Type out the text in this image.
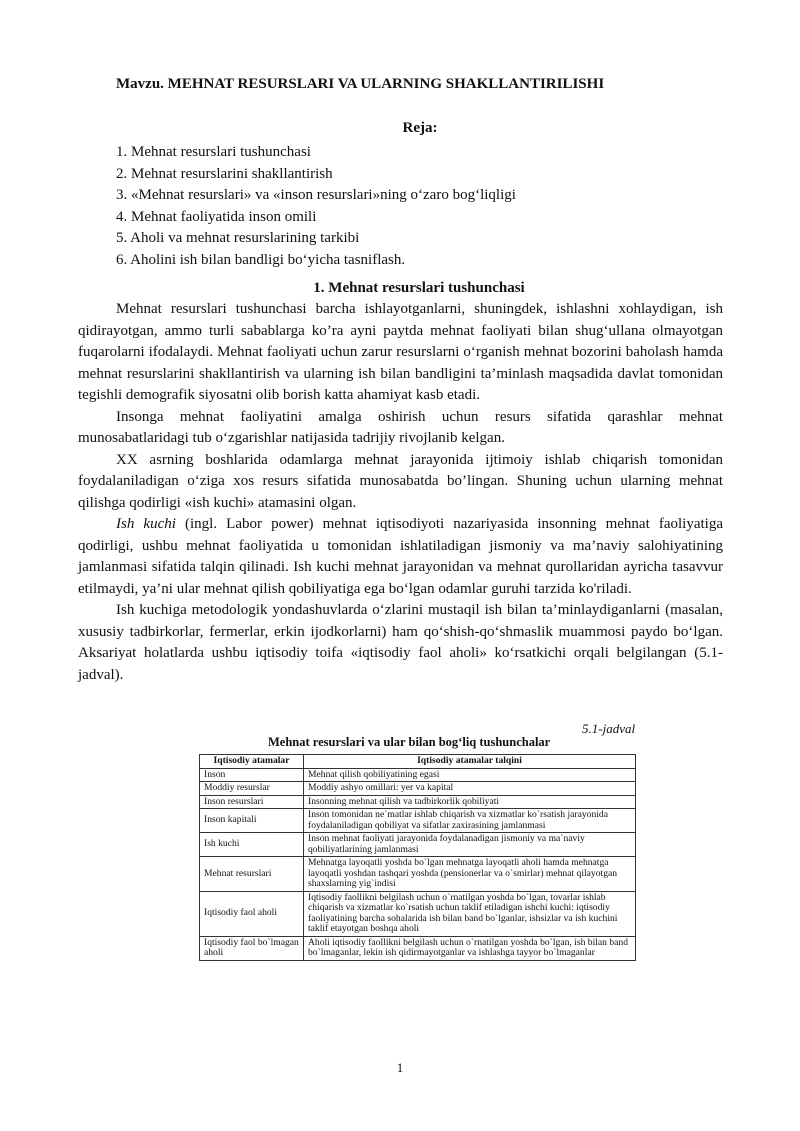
Mavzu. MEHNAT RESURSLARI VA ULARNING SHAKLLANTIRILISHI
Reja:
1. Mehnat resurslari tushunchasi
2. Mehnat resurslarini shakllantirish
3. «Mehnat resurslari» va «inson resurslari»ning o‘zaro bog‘liqligi
4. Mehnat faoliyatida inson omili
5. Aholi va mehnat resurslarining tarkibi
6. Aholini ish bilan bandligi bo‘yicha tasniflash.
1. Mehnat resurslari tushunchasi

Mehnat resurslari tushunchasi barcha ishlayotganlarni, shuningdek, ishlashni xohlaydigan, ish qidirayotgan, ammo turli sabablarga ko’ra ayni paytda mehnat faoliyati bilan shug‘ullana olmayotgan fuqarolarni ifodalaydi. Mehnat faoliyati uchun zarur resurslarni o‘rganish mehnat bozorini baholash hamda mehnat resurslarini shakllantirish va ularning ish bilan bandligini ta’minlash maqsadida davlat tomonidan tegishli demografik siyosatni olib borish katta ahamiyat kasb etadi.

Insonga mehnat faoliyatini amalga oshirish uchun resurs sifatida qarashlar mehnat munosabatlaridagi tub o‘zgarishlar natijasida tadrijiy rivojlanib kelgan.

XX asrning boshlarida odamlarga mehnat jarayonida ijtimoiy ishlab chiqarish tomonidan foydalaniladigan o‘ziga xos resurs sifatida munosabatda bo’lingan. Shuning uchun ularning mehnat qilishga qodirligi «ish kuchi» atamasini olgan.

Ish kuchi (ingl. Labor power) mehnat iqtisodiyoti nazariyasida insonning mehnat faoliyatiga qodirligi, ushbu mehnat faoliyatida u tomonidan ishlatiladigan jismoniy va ma’naviy salohiyatining jamlanmasi sifatida talqin qilinadi. Ish kuchi mehnat jarayonidan va mehnat qurollaridan ayricha tasavvur etilmaydi, ya’ni ular mehnat qilish qobiliyatiga ega bo‘lgan odamlar guruhi tarzida ko'riladi.

Ish kuchiga metodologik yondashuvlarda o‘zlarini mustaqil ish bilan ta’minlaydiganlarni (masalan, xususiy tadbirkorlar, fermerlar, erkin ijodkorlarni) ham qo‘shish-qo‘shmaslik muammosi paydo bo‘lgan. Aksariyat holatlarda ushbu iqtisodiy toifa «iqtisodiy faol aholi» ko‘rsatkichi orqali belgilangan (5.1-jadval).

5.1-jadval
Mehnat resurslari va ular bilan bog‘liq tushunchalar
Iqtisodiy atamalar	Iqtisodiy atamalar talqini
Inson	Mehnat qilish qobiliyatining egasi
Moddiy resurslar	Moddiy ashyo omillari: yer va kapital
Inson resurslari	Insonning mehnat qilish va tadbirkorlik qobiliyati
Inson kapitali	Inson tomonidan ne`matlar ishlab chiqarish va xizmatlar ko`rsatish jarayonida foydalaniladigan qobiliyat va sifatlar zaxirasining jamlanmasi
Ish kuchi	Inson mehnat faoliyati jarayonida foydalanadigan jismoniy va ma`naviy qobiliyatlarining jamlanmasi
Mehnat resurslari	Mehnatga layoqatli yoshda bo`lgan mehnatga layoqatli aholi hamda mehnatga layoqatli yoshdan tashqari yoshda (pensionerlar va o`smirlar) mehnat qilayotgan shaxslarning yig`indisi
Iqtisodiy faol aholi	Iqtisodiy faollikni belgilash uchun o`rnatilgan yoshda bo`lgan, tovarlar ishlab chiqarish va xizmatlar ko`rsatish uchun taklif etiladigan ishchi kuchi: iqtisodiy faoliyatining barcha sohalarida ish bilan band bo`lganlar, ishsizlar va ish kuchini taklif etayotgan boshqa aholi
Iqtisodiy faol bo`lmagan aholi	Aholi iqtisodiy faollikni belgilash uchun o`rnatilgan yoshda bo`lgan, ish bilan band bo`lmaganlar, lekin ish qidirmayotganlar va ishlashga tayyor bo`lmaganlar
1
